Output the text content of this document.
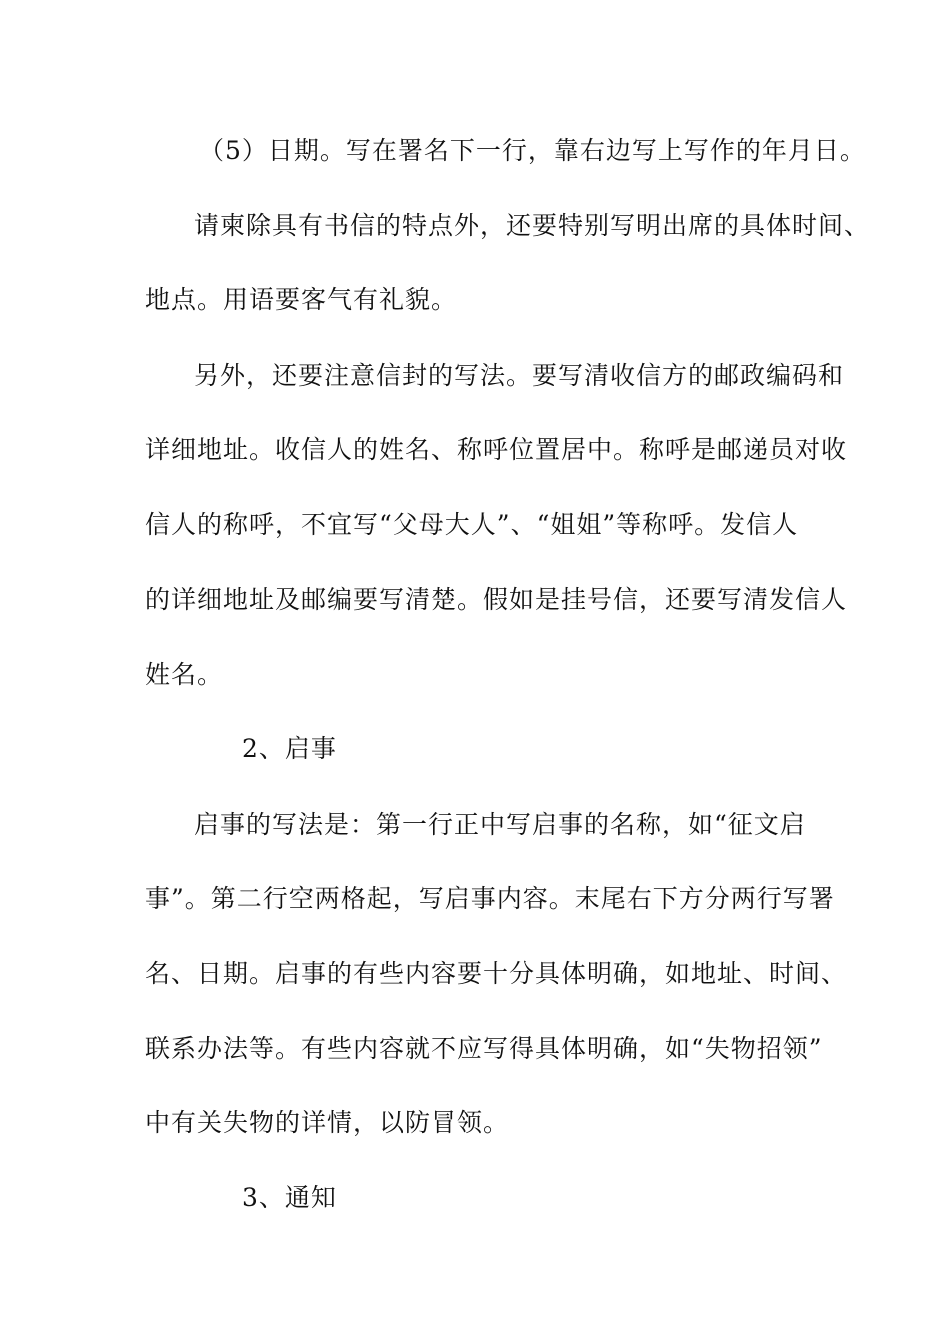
（5）日期。写在署名下一行，靠右边写上写作的年月日。
请柬除具有书信的特点外，还要特别写明出席的具体时间、
地点。用语要客气有礼貌。
另外，还要注意信封的写法。要写清收信方的邮政编码和
详细地址。收信人的姓名、称呼位置居中。称呼是邮递员对收
信人的称呼，不宜写“父母大人”、“姐姐”等称呼。发信人
的详细地址及邮编要写清楚。假如是挂号信，还要写清发信人
姓名。
2、启事
启事的写法是：第一行正中写启事的名称，如“征文启
事”。第二行空两格起，写启事内容。末尾右下方分两行写署
名、日期。启事的有些内容要十分具体明确，如地址、时间、
联系办法等。有些内容就不应写得具体明确，如“失物招领”
中有关失物的详情，以防冒领。
3、通知
